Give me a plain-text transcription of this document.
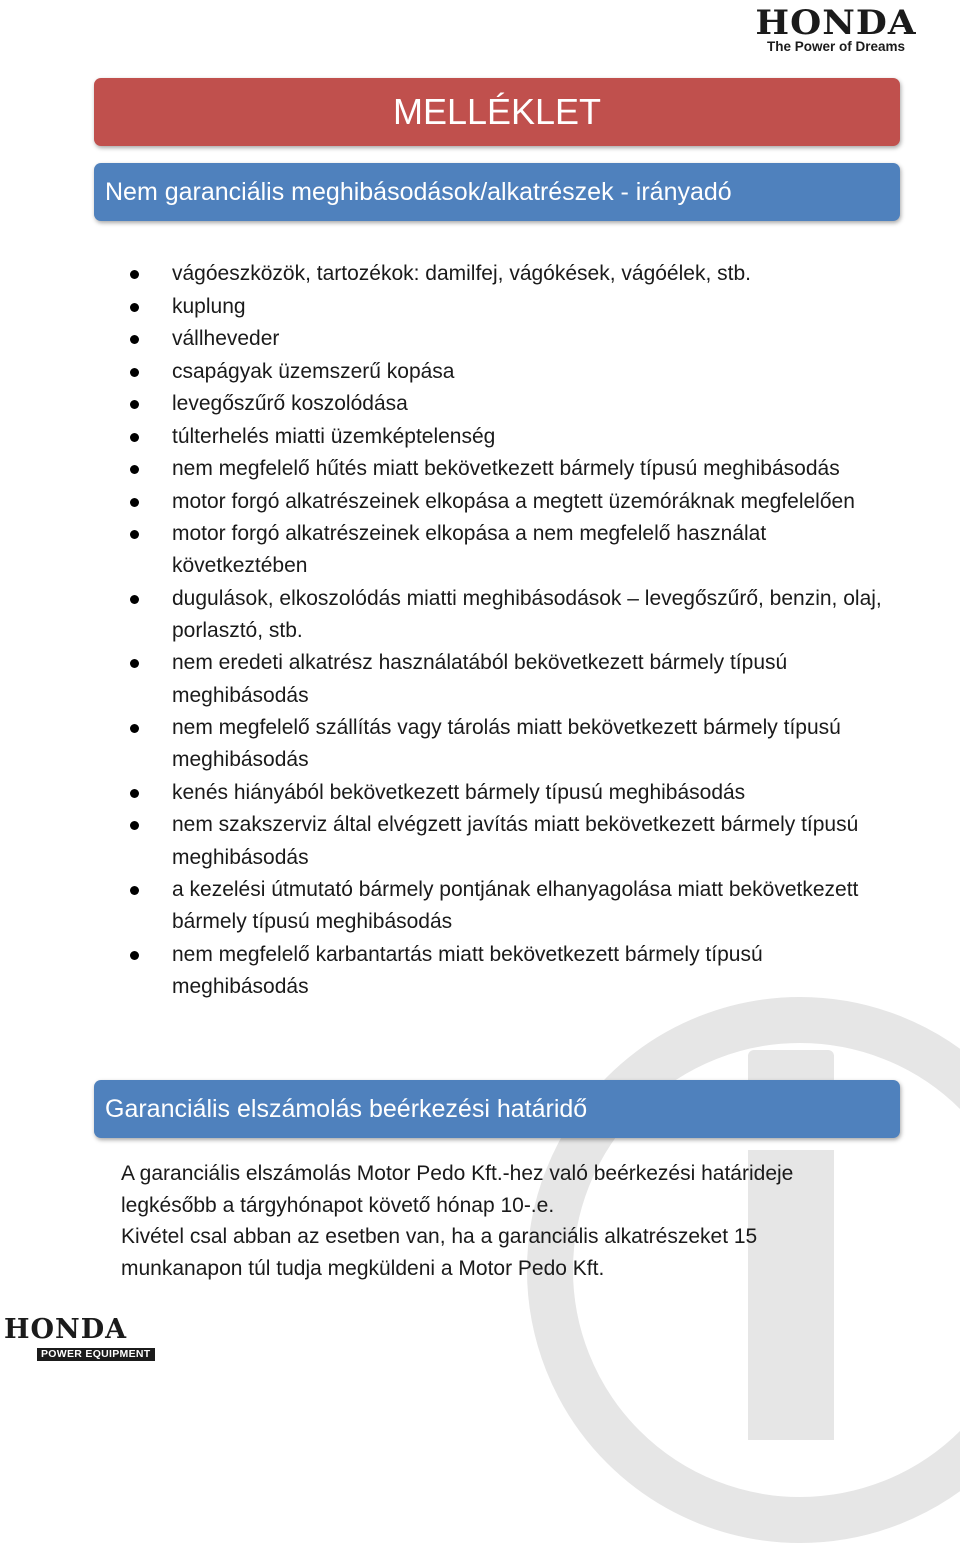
HONDA
The Power of Dreams
MELLÉKLET
Nem garanciális meghibásodások/alkatrészek - irányadó
vágóeszközök, tartozékok: damilfej, vágókések, vágóélek, stb.
kuplung
vállheveder
csapágyak üzemszerű kopása
levegőszűrő koszolódása
túlterhelés miatti üzemképtelenség
nem megfelelő hűtés miatt bekövetkezett bármely típusú meghibásodás
motor forgó alkatrészeinek elkopása a megtett üzemóráknak megfelelően
motor forgó alkatrészeinek elkopása a nem megfelelő használat következtében
dugulások, elkoszolódás miatti meghibásodások – levegőszűrő, benzin, olaj, porlasztó, stb.
nem eredeti alkatrész használatából bekövetkezett bármely típusú meghibásodás
nem megfelelő szállítás vagy tárolás miatt bekövetkezett bármely típusú meghibásodás
kenés hiányából bekövetkezett bármely típusú meghibásodás
nem szakszerviz által elvégzett javítás miatt bekövetkezett bármely típusú meghibásodás
a kezelési útmutató bármely pontjának elhanyagolása miatt bekövetkezett bármely típusú meghibásodás
nem megfelelő karbantartás miatt bekövetkezett bármely típusú meghibásodás
Garanciális elszámolás beérkezési határidő

A garanciális elszámolás Motor Pedo Kft.-hez való beérkezési határideje legkésőbb a tárgyhónapot követő hónap 10-.e.

Kivétel csal abban az esetben van, ha a garanciális alkatrészeket 15 munkanapon túl tudja megküldeni a Motor Pedo Kft.

HONDA
POWER EQUIPMENT
